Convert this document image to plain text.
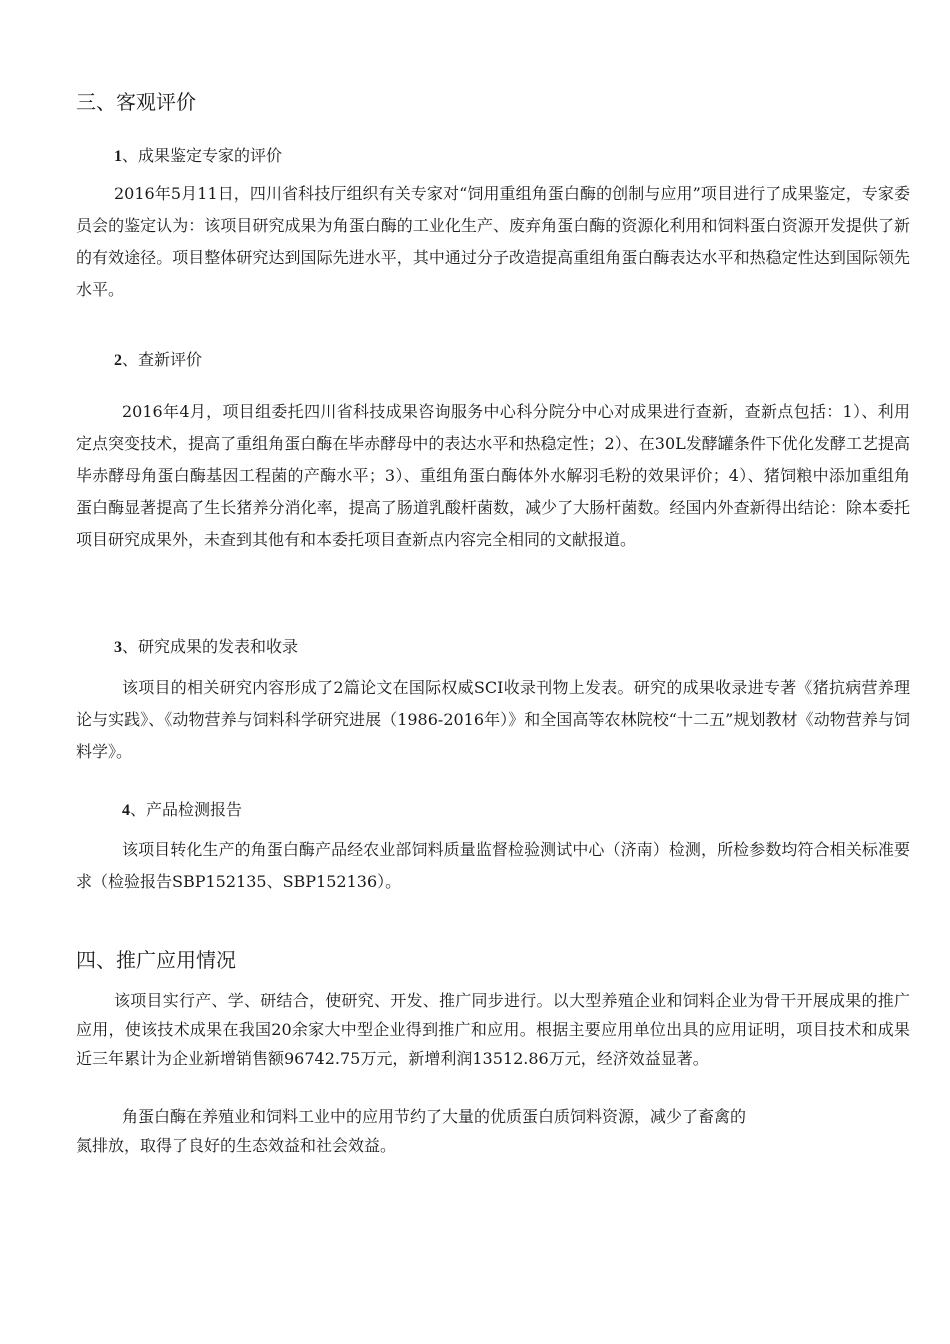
三、客观评价
1、成果鉴定专家的评价
2016年5月11日，四川省科技厅组织有关专家对“饲用重组角蛋白酶的创制与应用”项目进行了成果鉴定，专家委员会的鉴定认为：该项目研究成果为角蛋白酶的工业化生产、废弃角蛋白酶的资源化利用和饲料蛋白资源开发提供了新的有效途径。项目整体研究达到国际先进水平，其中通过分子改造提高重组角蛋白酶表达水平和热稳定性达到国际领先水平。
2、查新评价
2016年4月，项目组委托四川省科技成果咨询服务中心科分院分中心对成果进行查新，查新点包括：1）、利用定点突变技术，提高了重组角蛋白酶在毕赤酵母中的表达水平和热稳定性；2）、在30L发酵罐条件下优化发酵工艺提高毕赤酵母角蛋白酶基因工程菌的产酶水平；3）、重组角蛋白酶体外水解羽毛粉的效果评价；4）、猪饲粮中添加重组角蛋白酶显著提高了生长猪养分消化率，提高了肠道乳酸杆菌数，减少了大肠杆菌数。经国内外查新得出结论：除本委托项目研究成果外，未查到其他有和本委托项目查新点内容完全相同的文献报道。
3、研究成果的发表和收录
该项目的相关研究内容形成了2篇论文在国际权威SCI收录刊物上发表。研究的成果收录进专著《猪抗病营养理论与实践》、《动物营养与饲料科学研究进展（1986-2016年）》和全国高等农林院校“十二五”规划教材《动物营养与饲料学》。
4、产品检测报告
该项目转化生产的角蛋白酶产品经农业部饲料质量监督检验测试中心（济南）检测，所检参数均符合相关标准要求（检验报告SBP152135、SBP152136）。
四、推广应用情况
该项目实行产、学、研结合，使研究、开发、推广同步进行。以大型养殖企业和饲料企业为骨干开展成果的推广应用，使该技术成果在我国20余家大中型企业得到推广和应用。根据主要应用单位出具的应用证明，项目技术和成果近三年累计为企业新增销售额96742.75万元，新增利润13512.86万元，经济效益显著。
角蛋白酶在养殖业和饲料工业中的应用节约了大量的优质蛋白质饲料资源，减少了畜禽的
氮排放，取得了良好的生态效益和社会效益。
